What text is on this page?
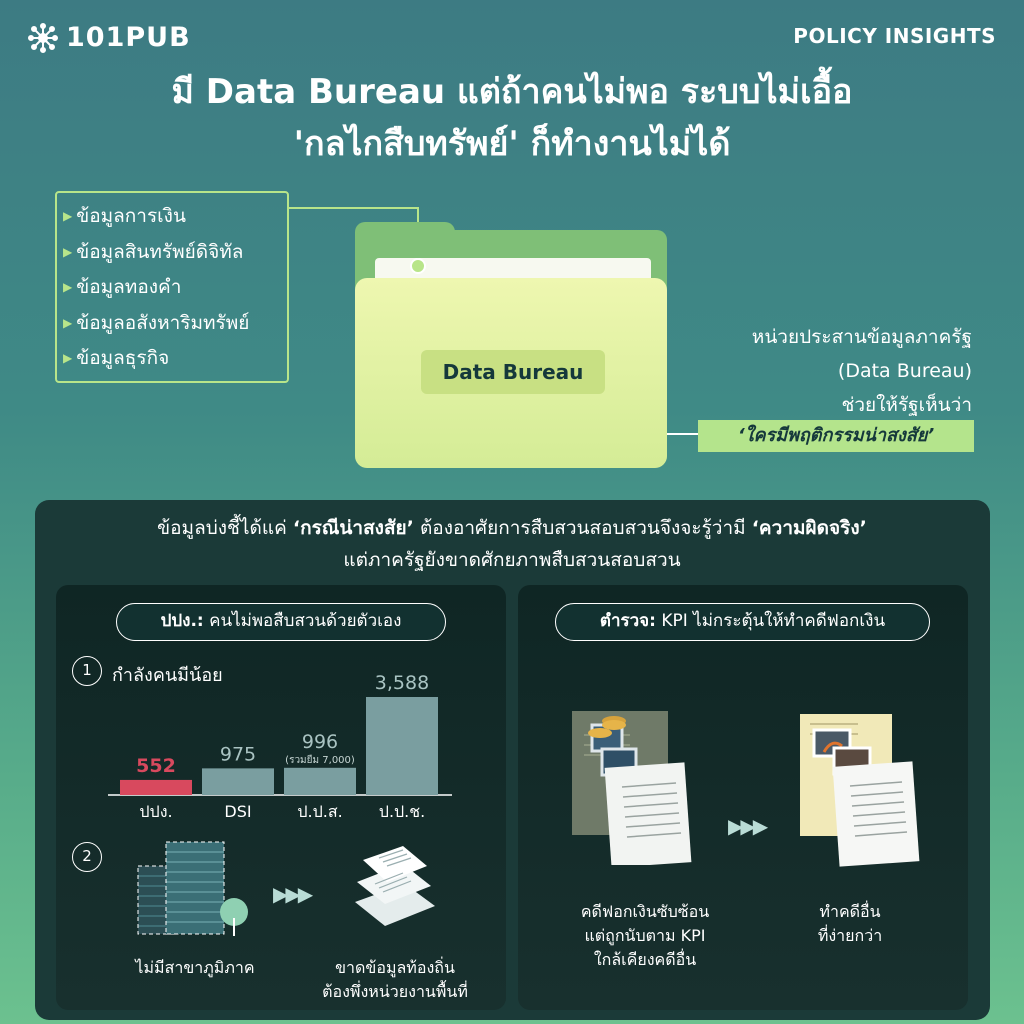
101PUB	POLICY INSIGHTS
มี Data Bureau แต่ถ้าคนไม่พอ ระบบไม่เอื้อ
'กลไกสืบทรัพย์' ก็ทำงานไม่ได้
▶ ข้อมูลการเงิน
▶ ข้อมูลสินทรัพย์ดิจิทัล
▶ ข้อมูลทองคำ
▶ ข้อมูลอสังหาริมทรัพย์
▶ ข้อมูลธุรกิจ
Data Bureau
หน่วยประสานข้อมูลภาครัฐ
(Data Bureau)
ช่วยให้รัฐเห็นว่า
‘ใครมีพฤติกรรมน่าสงสัย’
ข้อมูลบ่งชี้ได้แค่ ‘กรณีน่าสงสัย’ ต้องอาศัยการสืบสวนสอบสวนจึงจะรู้ว่ามี ‘ความผิดจริง’
แต่ภาครัฐยังขาดศักยภาพสืบสวนสอบสวน
ปปง.: คนไม่พอสืบสวนด้วยตัวเอง
1	กำลังคนมีน้อย
552
ปปง.
975
DSI
996
(รวมยืม 7,000)
ป.ป.ส.
3,588
ป.ป.ช.
2
▶▶▶
ไม่มีสาขาภูมิภาค	ขาดข้อมูลท้องถิ่น
ต้องพึ่งหน่วยงานพื้นที่
ตำรวจ: KPI ไม่กระตุ้นให้ทำคดีฟอกเงิน
▶▶▶
คดีฟอกเงินซับซ้อน
แต่ถูกนับตาม KPI
ใกล้เคียงคดีอื่น
ทำคดีอื่น
ที่ง่ายกว่า
